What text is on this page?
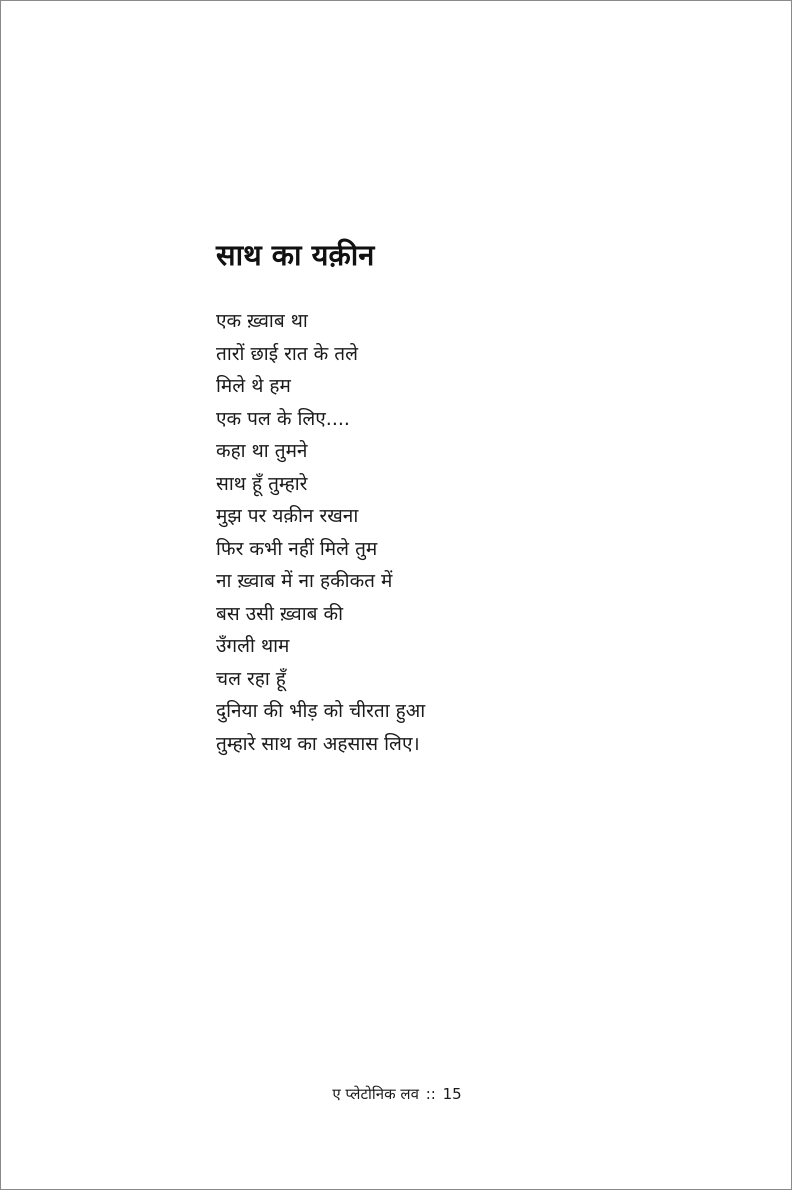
साथ का यक़ीन
एक ख़्वाब था
तारों छाई रात के तले
मिले थे हम
एक पल के लिए....
कहा था तुमने
साथ हूँ तुम्हारे
मुझ पर यक़ीन रखना
फिर कभी नहीं मिले तुम
ना ख़्वाब में ना हकीकत में
बस उसी ख़्वाब की
उँगली थाम
चल रहा हूँ
दुनिया की भीड़ को चीरता हुआ
तुम्हारे साथ का अहसास लिए।
ए प्लेटोनिक लव :: 15
